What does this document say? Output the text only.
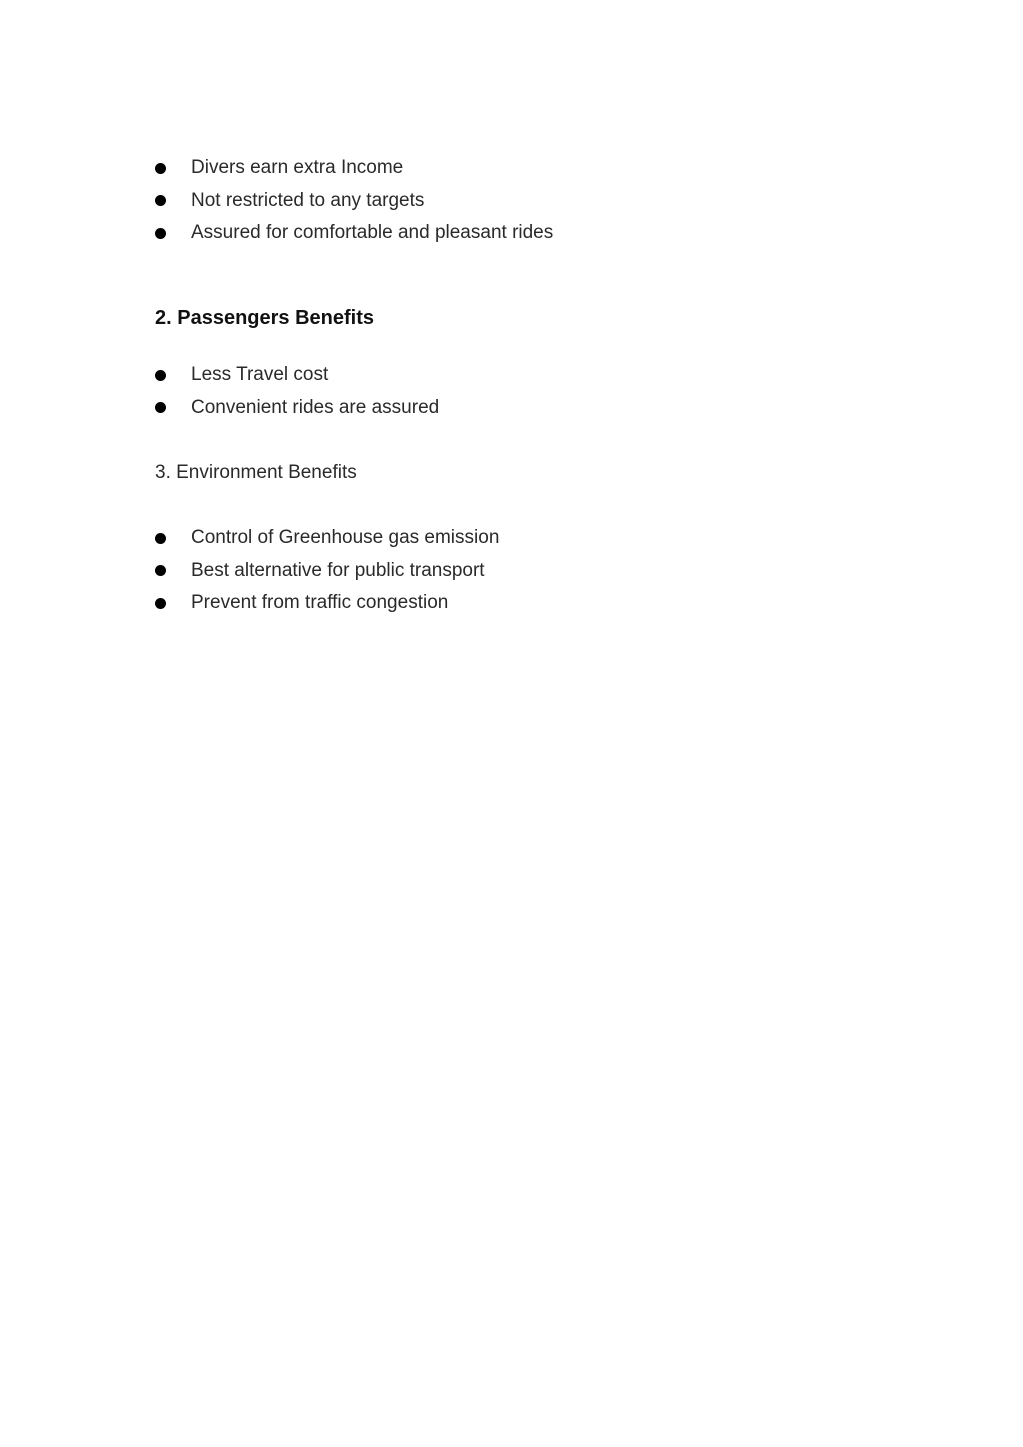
Divers earn extra Income
Not restricted to any targets
Assured for comfortable and pleasant rides
2. Passengers Benefits
Less Travel cost
Convenient rides are assured

3. Environment Benefits

Control of Greenhouse gas emission
Best alternative for public transport
Prevent from traffic congestion
